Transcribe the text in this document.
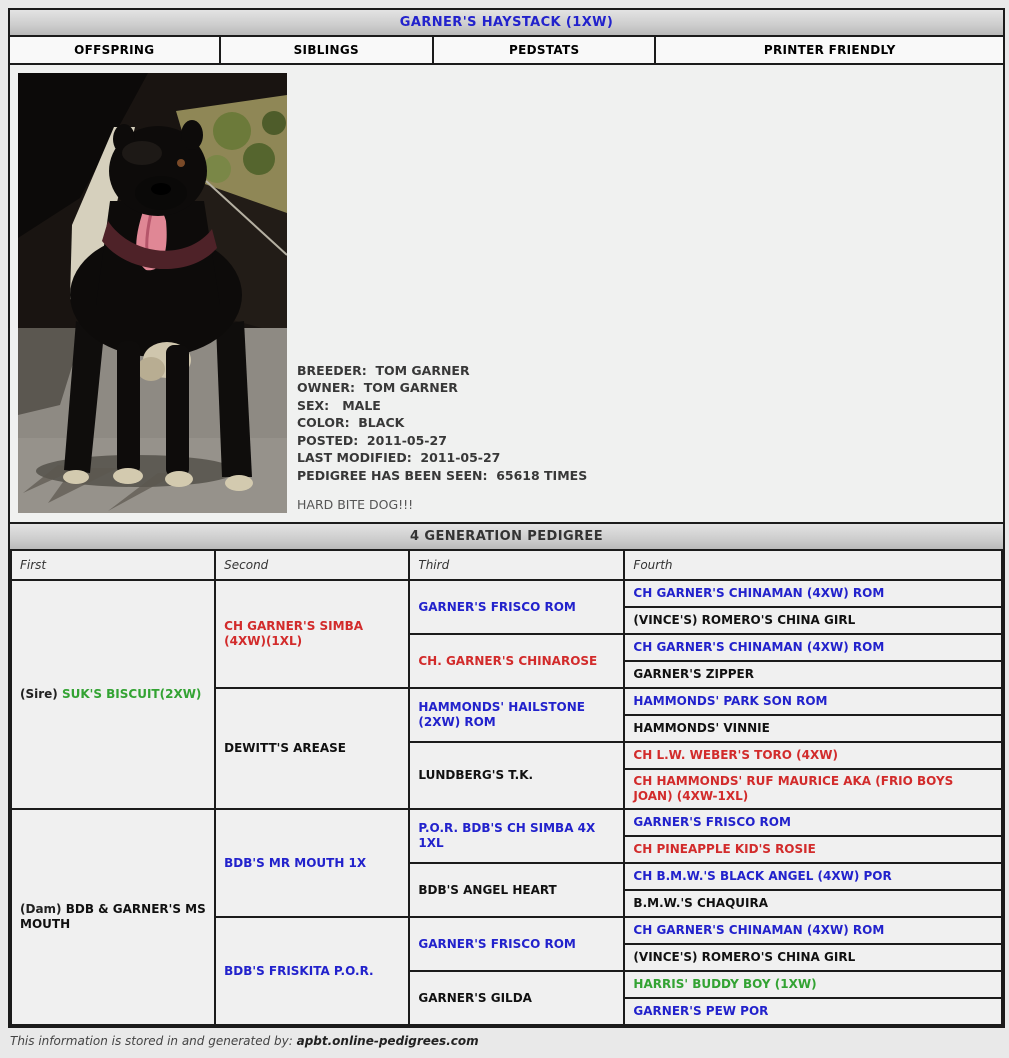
GARNER'S HAYSTACK (1XW)
OFFSPRING	SIBLINGS	PEDSTATS	PRINTER FRIENDLY
BREEDER:  TOM GARNER
OWNER:  TOM GARNER
SEX:   MALE
COLOR:  BLACK
POSTED:  2011-05-27
LAST MODIFIED:  2011-05-27
PEDIGREE HAS BEEN SEEN:  65618 TIMES
HARD BITE DOG!!!
4 GENERATION PEDIGREE
First	Second	Third	Fourth
(Sire) SUK'S BISCUIT(2XW)	CH GARNER'S SIMBA (4XW)(1XL)	GARNER'S FRISCO ROM	CH GARNER'S CHINAMAN (4XW) ROM
			(VINCE'S) ROMERO'S CHINA GIRL
		CH. GARNER'S CHINAROSE	CH GARNER'S CHINAMAN (4XW) ROM
			GARNER'S ZIPPER
	DEWITT'S AREASE	HAMMONDS' HAILSTONE (2XW) ROM	HAMMONDS' PARK SON ROM
			HAMMONDS' VINNIE
		LUNDBERG'S T.K.	CH L.W. WEBER'S TORO (4XW)
			CH HAMMONDS' RUF MAURICE AKA (FRIO BOYS JOAN) (4XW-1XL)
(Dam) BDB & GARNER'S MS MOUTH	BDB'S MR MOUTH 1X	P.O.R. BDB'S CH SIMBA 4X 1XL	GARNER'S FRISCO ROM
			CH PINEAPPLE KID'S ROSIE
		BDB'S ANGEL HEART	CH B.M.W.'S BLACK ANGEL (4XW) POR
			B.M.W.'S CHAQUIRA
	BDB'S FRISKITA P.O.R.	GARNER'S FRISCO ROM	CH GARNER'S CHINAMAN (4XW) ROM
			(VINCE'S) ROMERO'S CHINA GIRL
		GARNER'S GILDA	HARRIS' BUDDY BOY (1XW)
			GARNER'S PEW POR
This information is stored in and generated by: apbt.online-pedigrees.com
